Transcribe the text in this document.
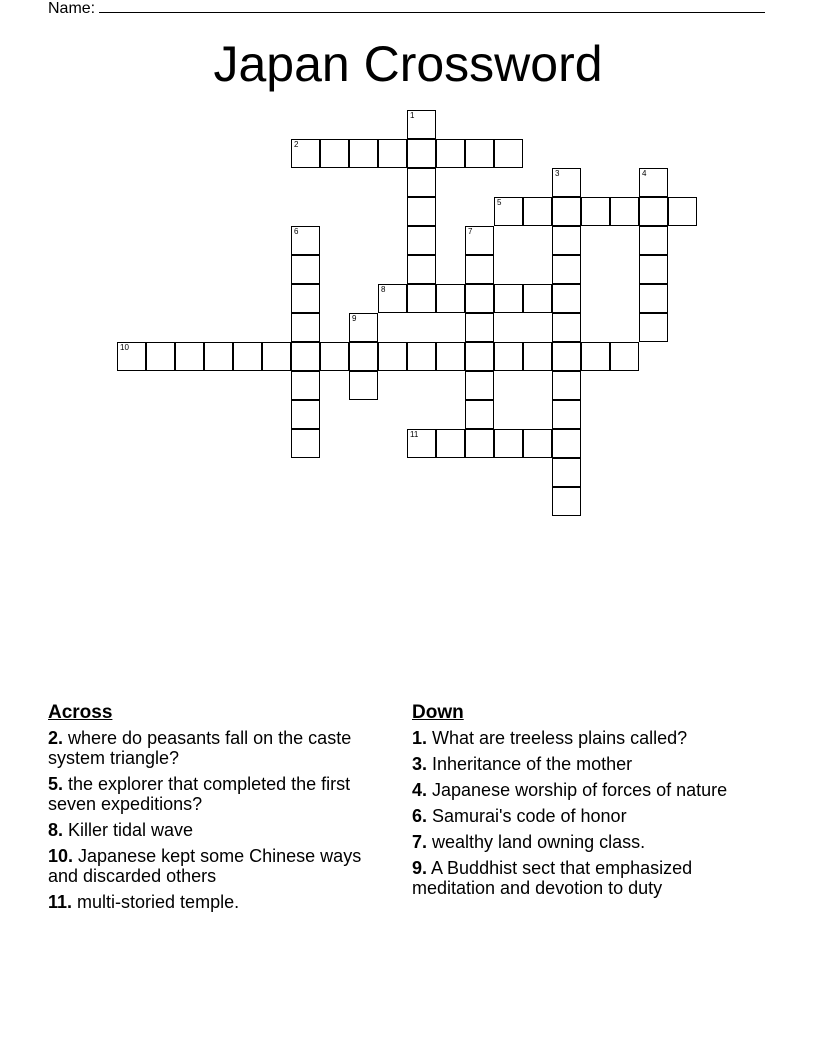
Name:
Japan Crossword
1
2
3	4
5
6	7
8
9
10
11
Across
2. where do peasants fall on the caste system triangle?
5. the explorer that completed the first seven expeditions?
8. Killer tidal wave
10. Japanese kept some Chinese ways and discarded others
11. multi-storied temple.
Down
1. What are treeless plains called?
3. Inheritance of the mother
4. Japanese worship of forces of nature
6. Samurai's code of honor
7. wealthy land owning class.
9. A Buddhist sect that emphasized meditation and devotion to duty
